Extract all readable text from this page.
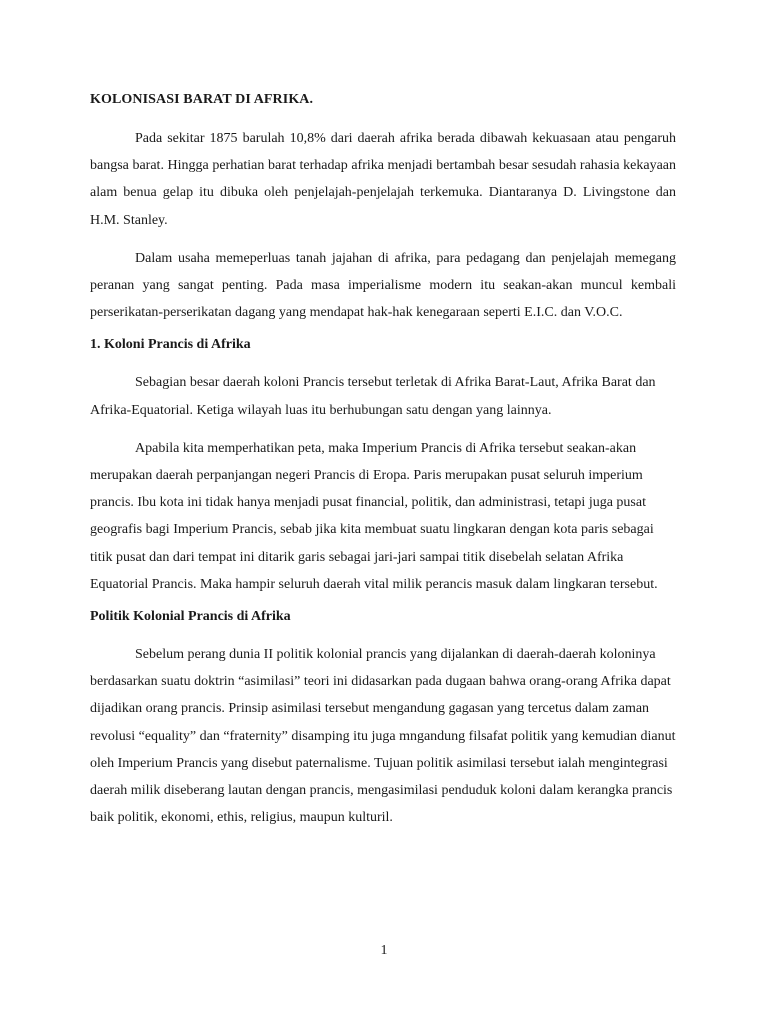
KOLONISASI BARAT DI AFRIKA.

Pada sekitar 1875 barulah 10,8% dari daerah afrika berada dibawah kekuasaan atau pengaruh bangsa barat. Hingga perhatian barat terhadap afrika menjadi bertambah besar sesudah rahasia kekayaan alam benua gelap itu dibuka oleh penjelajah-penjelajah terkemuka. Diantaranya D. Livingstone dan H.M. Stanley.

Dalam usaha memeperluas tanah jajahan di afrika, para pedagang dan penjelajah memegang peranan yang sangat penting. Pada masa imperialisme modern itu seakan-akan muncul kembali perserikatan-perserikatan dagang yang mendapat hak-hak kenegaraan seperti E.I.C. dan V.O.C.

1. Koloni Prancis di Afrika

Sebagian besar daerah koloni Prancis tersebut terletak di Afrika Barat-Laut, Afrika Barat dan Afrika-Equatorial. Ketiga wilayah luas itu berhubungan satu dengan yang lainnya.

Apabila kita memperhatikan peta, maka Imperium Prancis di Afrika tersebut seakan-akan merupakan daerah perpanjangan negeri Prancis di Eropa. Paris merupakan pusat seluruh imperium prancis. Ibu kota ini tidak hanya menjadi pusat financial, politik, dan administrasi, tetapi juga pusat geografis bagi Imperium Prancis, sebab jika kita membuat suatu lingkaran dengan kota paris sebagai titik pusat dan dari tempat ini ditarik garis sebagai jari-jari sampai titik disebelah selatan Afrika Equatorial Prancis. Maka hampir seluruh daerah vital milik perancis masuk dalam lingkaran tersebut.

Politik Kolonial Prancis di Afrika

Sebelum perang dunia II politik kolonial prancis yang dijalankan di daerah-daerah koloninya berdasarkan suatu doktrin “asimilasi” teori ini didasarkan pada dugaan bahwa orang-orang Afrika dapat dijadikan orang prancis. Prinsip asimilasi tersebut mengandung gagasan yang tercetus dalam zaman revolusi “equality” dan “fraternity” disamping itu juga mngandung filsafat politik yang kemudian dianut oleh Imperium Prancis yang disebut paternalisme. Tujuan politik asimilasi tersebut ialah mengintegrasi daerah milik diseberang lautan dengan prancis, mengasimilasi penduduk koloni dalam kerangka prancis baik politik, ekonomi, ethis, religius, maupun kulturil.

1
